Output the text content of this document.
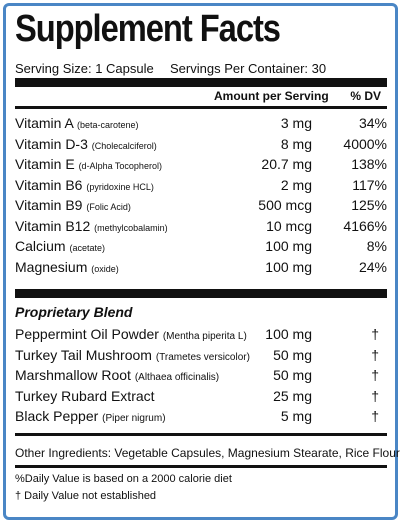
Supplement Facts
Serving Size: 1 Capsule Servings Per Container: 30
Amount per Serving % DV
Vitamin A (beta-carotene)	3 mg	34%
Vitamin D-3 (Cholecalciferol)	8 mg 4000%
Vitamin E (d-Alpha Tocopherol)	20.7 mg	138%
Vitamin B6 (pyridoxine HCL)	2 mg	117%
Vitamin B9 (Folic Acid)	500 mcg	125%
Vitamin B12 (methylcobalamin)	10 mcg 4166%
Calcium (acetate)	100 mg	8%
Magnesium (oxide)	100 mg	24%
Proprietary Blend
Peppermint Oil Powder (Mentha piperita L) 100 mg	†
Turkey Tail Mushroom (Trametes versicolor) 50 mg	†
Marshmallow Root (Althaea officinalis)	50 mg	†
Turkey Rubard Extract	25 mg	†
Black Pepper (Piper nigrum)	5 mg	†
Other Ingredients: Vegetable Capsules, Magnesium Stearate, Rice Flour
%Daily Value is based on a 2000 calorie diet
† Daily Value not established
